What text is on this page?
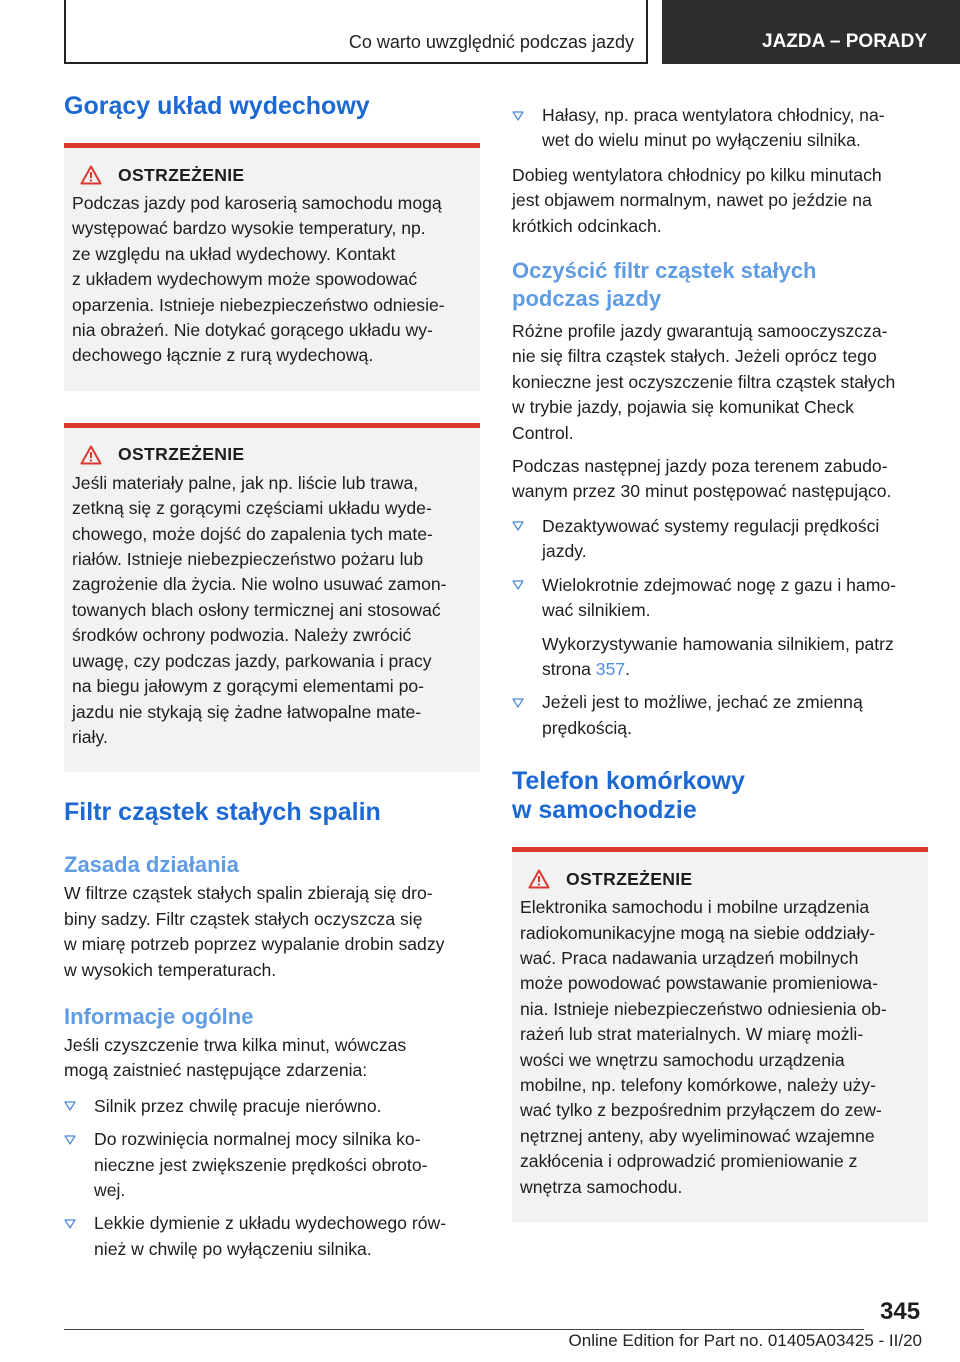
Co warto uwzględnić podczas jazdy	JAZDA – PORADY
Gorący układ wydechowy
OSTRZEŻENIE
Podczas jazdy pod karoserią samochodu mogą
występować bardzo wysokie temperatury, np.
ze względu na układ wydechowy. Kontakt
z układem wydechowym może spowodować
oparzenia. Istnieje niebezpieczeństwo odniesie‐
nia obrażeń. Nie dotykać gorącego układu wy‐
dechowego łącznie z rurą wydechową.
OSTRZEŻENIE
Jeśli materiały palne, jak np. liście lub trawa,
zetkną się z gorącymi częściami układu wyde‐
chowego, może dojść do zapalenia tych mate‐
riałów. Istnieje niebezpieczeństwo pożaru lub
zagrożenie dla życia. Nie wolno usuwać zamon‐
towanych blach osłony termicznej ani stosować
środków ochrony podwozia. Należy zwrócić
uwagę, czy podczas jazdy, parkowania i pracy
na biegu jałowym z gorącymi elementami po‐
jazdu nie stykają się żadne łatwopalne mate‐
riały.
Filtr cząstek stałych spalin
Zasada działania
W filtrze cząstek stałych spalin zbierają się dro‐
biny sadzy. Filtr cząstek stałych oczyszcza się
w miarę potrzeb poprzez wypalanie drobin sadzy
w wysokich temperaturach.
Informacje ogólne
Jeśli czyszczenie trwa kilka minut, wówczas
mogą zaistnieć następujące zdarzenia:
Silnik przez chwilę pracuje nierówno.
Do rozwinięcia normalnej mocy silnika ko‐
nieczne jest zwiększenie prędkości obroto‐
wej.
Lekkie dymienie z układu wydechowego rów‐
nież w chwilę po wyłączeniu silnika.
Hałasy, np. praca wentylatora chłodnicy, na‐
wet do wielu minut po wyłączeniu silnika.
Dobieg wentylatora chłodnicy po kilku minutach
jest objawem normalnym, nawet po jeździe na
krótkich odcinkach.
Oczyścić filtr cząstek stałych
podczas jazdy
Różne profile jazdy gwarantują samooczyszcza‐
nie się filtra cząstek stałych. Jeżeli oprócz tego
konieczne jest oczyszczenie filtra cząstek stałych
w trybie jazdy, pojawia się komunikat Check
Control.
Podczas następnej jazdy poza terenem zabudo‐
wanym przez 30 minut postępować następująco.
Dezaktywować systemy regulacji prędkości
jazdy.
Wielokrotnie zdejmować nogę z gazu i hamo‐
wać silnikiem.
Wykorzystywanie hamowania silnikiem, patrz
strona 357.
Jeżeli jest to możliwe, jechać ze zmienną
prędkością.
Telefon komórkowy
w samochodzie
OSTRZEŻENIE
Elektronika samochodu i mobilne urządzenia
radiokomunikacyjne mogą na siebie oddziały‐
wać. Praca nadawania urządzeń mobilnych
może powodować powstawanie promieniowa‐
nia. Istnieje niebezpieczeństwo odniesienia ob‐
rażeń lub strat materialnych. W miarę możli‐
wości we wnętrzu samochodu urządzenia
mobilne, np. telefony komórkowe, należy uży‐
wać tylko z bezpośrednim przyłączem do zew‐
nętrznej anteny, aby wyeliminować wzajemne
zakłócenia i odprowadzić promieniowanie z
wnętrza samochodu.
345
Online Edition for Part no. 01405A03425 - II/20
